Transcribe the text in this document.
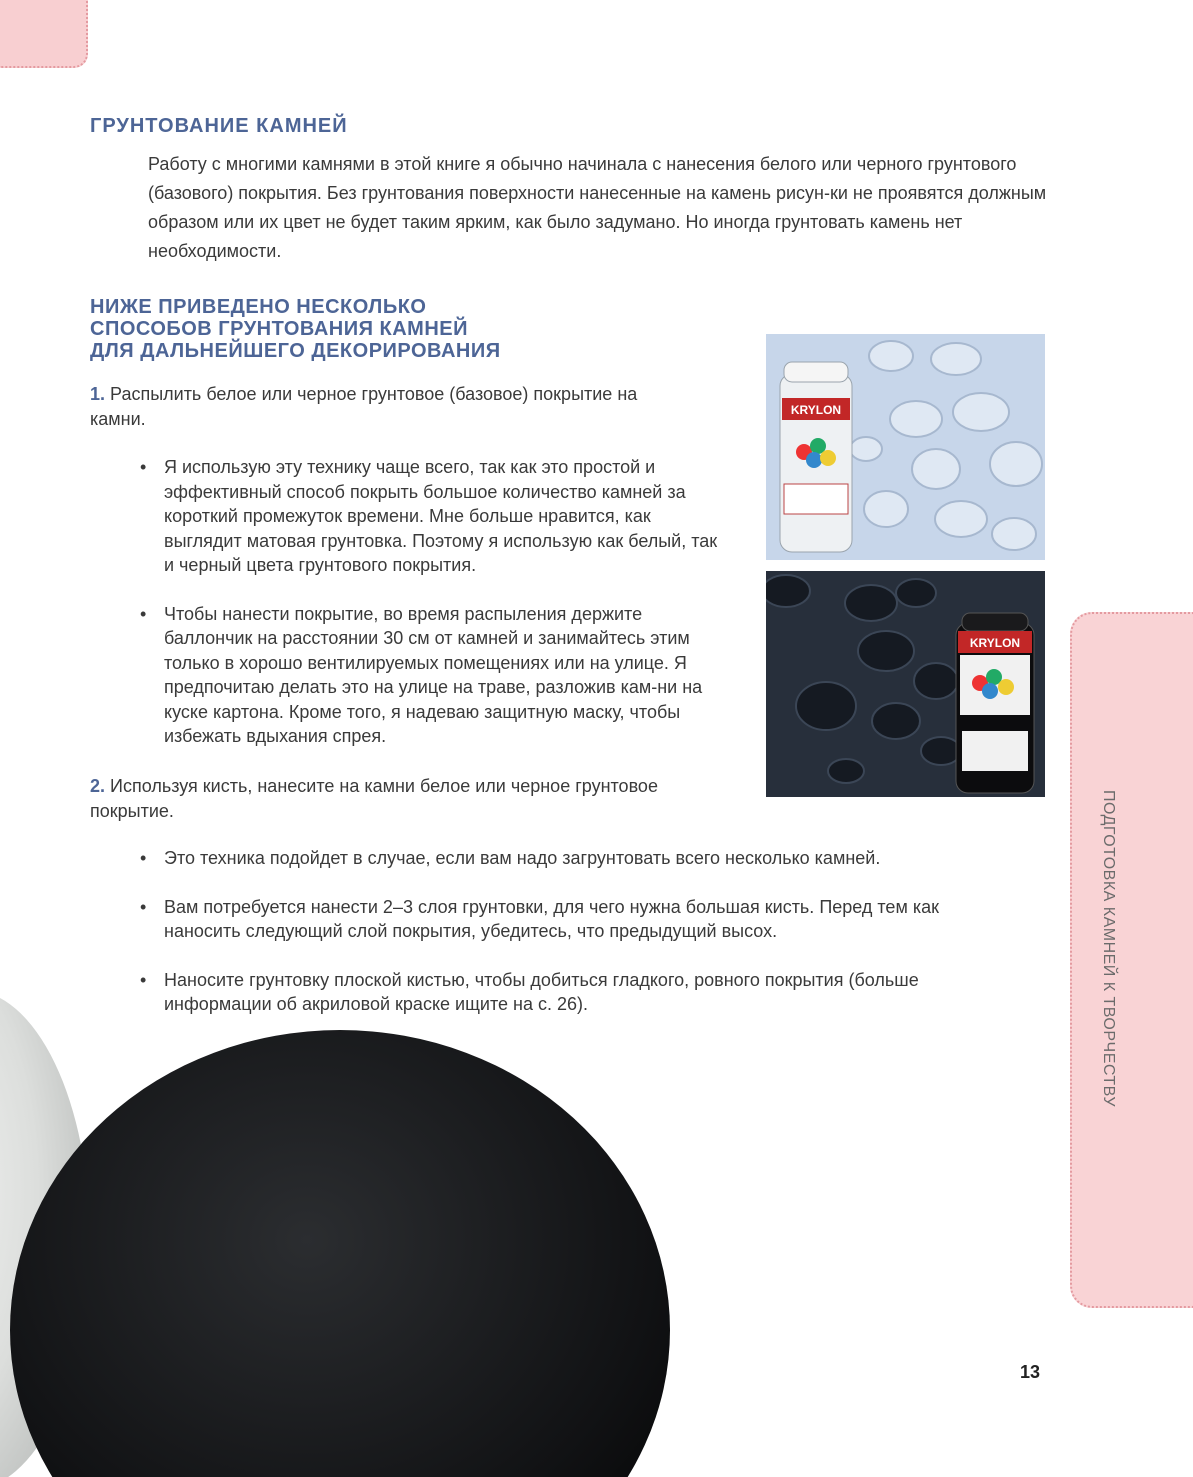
ПОДГОТОВКА КАМНЕЙ К ТВОРЧЕСТВУ
ГРУНТОВАНИЕ КАМНЕЙ

Работу с многими камнями в этой книге я обычно начинала с нанесения белого или черного грунтового (базового) покрытия. Без грунтования поверхности нанесенные на камень рисун-ки не проявятся должным образом или их цвет не будет таким ярким, как было задумано. Но иногда грунтовать камень нет необходимости.

НИЖЕ ПРИВЕДЕНО НЕСКОЛЬКО
СПОСОБОВ ГРУНТОВАНИЯ КАМНЕЙ
ДЛЯ ДАЛЬНЕЙШЕГО ДЕКОРИРОВАНИЯ

1. Распылить белое или черное грунтовое (базовое) покрытие на камни.

• Я использую эту технику чаще всего, так как это простой и эффективный способ покрыть большое количество камней за короткий промежуток времени. Мне больше нравится, как выглядит матовая грунтовка. Поэтому я использую как белый, так и черный цвета грунтового покрытия.
• Чтобы нанести покрытие, во время распыления держите баллончик на расстоянии 30 см от камней и занимайтесь этим только в хорошо вентилируемых помещениях или на улице. Я предпочитаю делать это на улице на траве, разложив кам-ни на куске картона. Кроме того, я надеваю защитную маску, чтобы избежать вдыхания спрея.

2. Используя кисть, нанесите на камни белое или черное грунтовое покрытие.

• Это техника подойдет в случае, если вам надо загрунтовать всего несколько камней.
• Вам потребуется нанести 2–3 слоя грунтовки, для чего нужна большая кисть. Перед тем как наносить следующий слой покрытия, убедитесь, что предыдущий высох.
• Наносите грунтовку плоской кистью, чтобы добиться гладкого, ровного покрытия (больше информации об акриловой краске ищите на с. 26).
KRYLON
KRYLON
13
